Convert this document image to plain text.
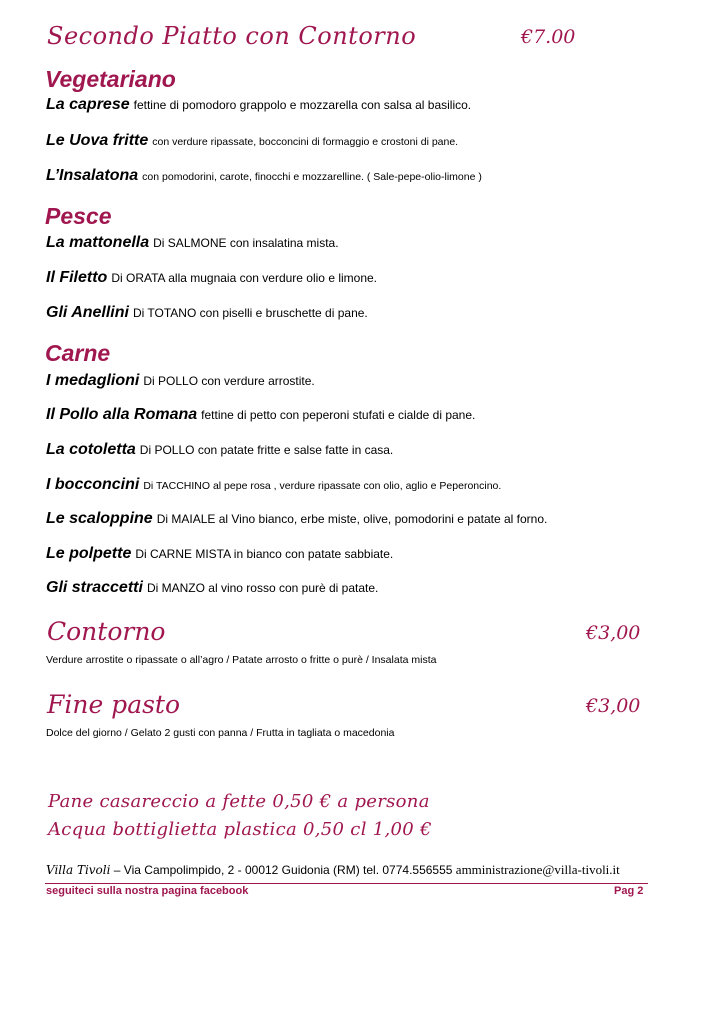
Secondo Piatto con Contorno	€7.00
Vegetariano
La caprese fettine di pomodoro grappolo e mozzarella con salsa al basilico.
Le Uova fritte con verdure ripassate, bocconcini di formaggio e crostoni di pane.
L’Insalatona con pomodorini, carote, finocchi e mozzarelline. ( Sale-pepe-olio-limone )
Pesce
La mattonella Di SALMONE con insalatina mista.
Il Filetto Di ORATA alla mugnaia con verdure olio e limone.
Gli Anellini Di TOTANO con piselli e bruschette di pane.
Carne
I medaglioni Di POLLO con verdure arrostite.
Il Pollo alla Romana fettine di petto con peperoni stufati e cialde di pane.
La cotoletta Di POLLO con patate fritte e salse fatte in casa.
I bocconcini Di TACCHINO al pepe rosa , verdure ripassate con olio, aglio e Peperoncino.
Le scaloppine Di MAIALE al Vino bianco, erbe miste, olive, pomodorini e patate al forno.
Le polpette Di CARNE MISTA in bianco con patate sabbiate.
Gli straccetti Di MANZO al vino rosso con purè di patate.
Contorno	€3,00
Verdure arrostite o ripassate o all’agro / Patate arrosto o fritte o purè / Insalata mista
Fine pasto	€3,00
Dolce del giorno / Gelato 2 gusti con panna / Frutta in tagliata o macedonia
Pane casareccio a fette 0,50 € a persona
Acqua bottiglietta plastica 0,50 cl 1,00 €
Villa Tivoli – Via Campolimpido, 2 - 00012 Guidonia (RM) tel. 0774.556555 amministrazione@villa-tivoli.it
seguiteci sulla nostra pagina facebook	Pag 2
